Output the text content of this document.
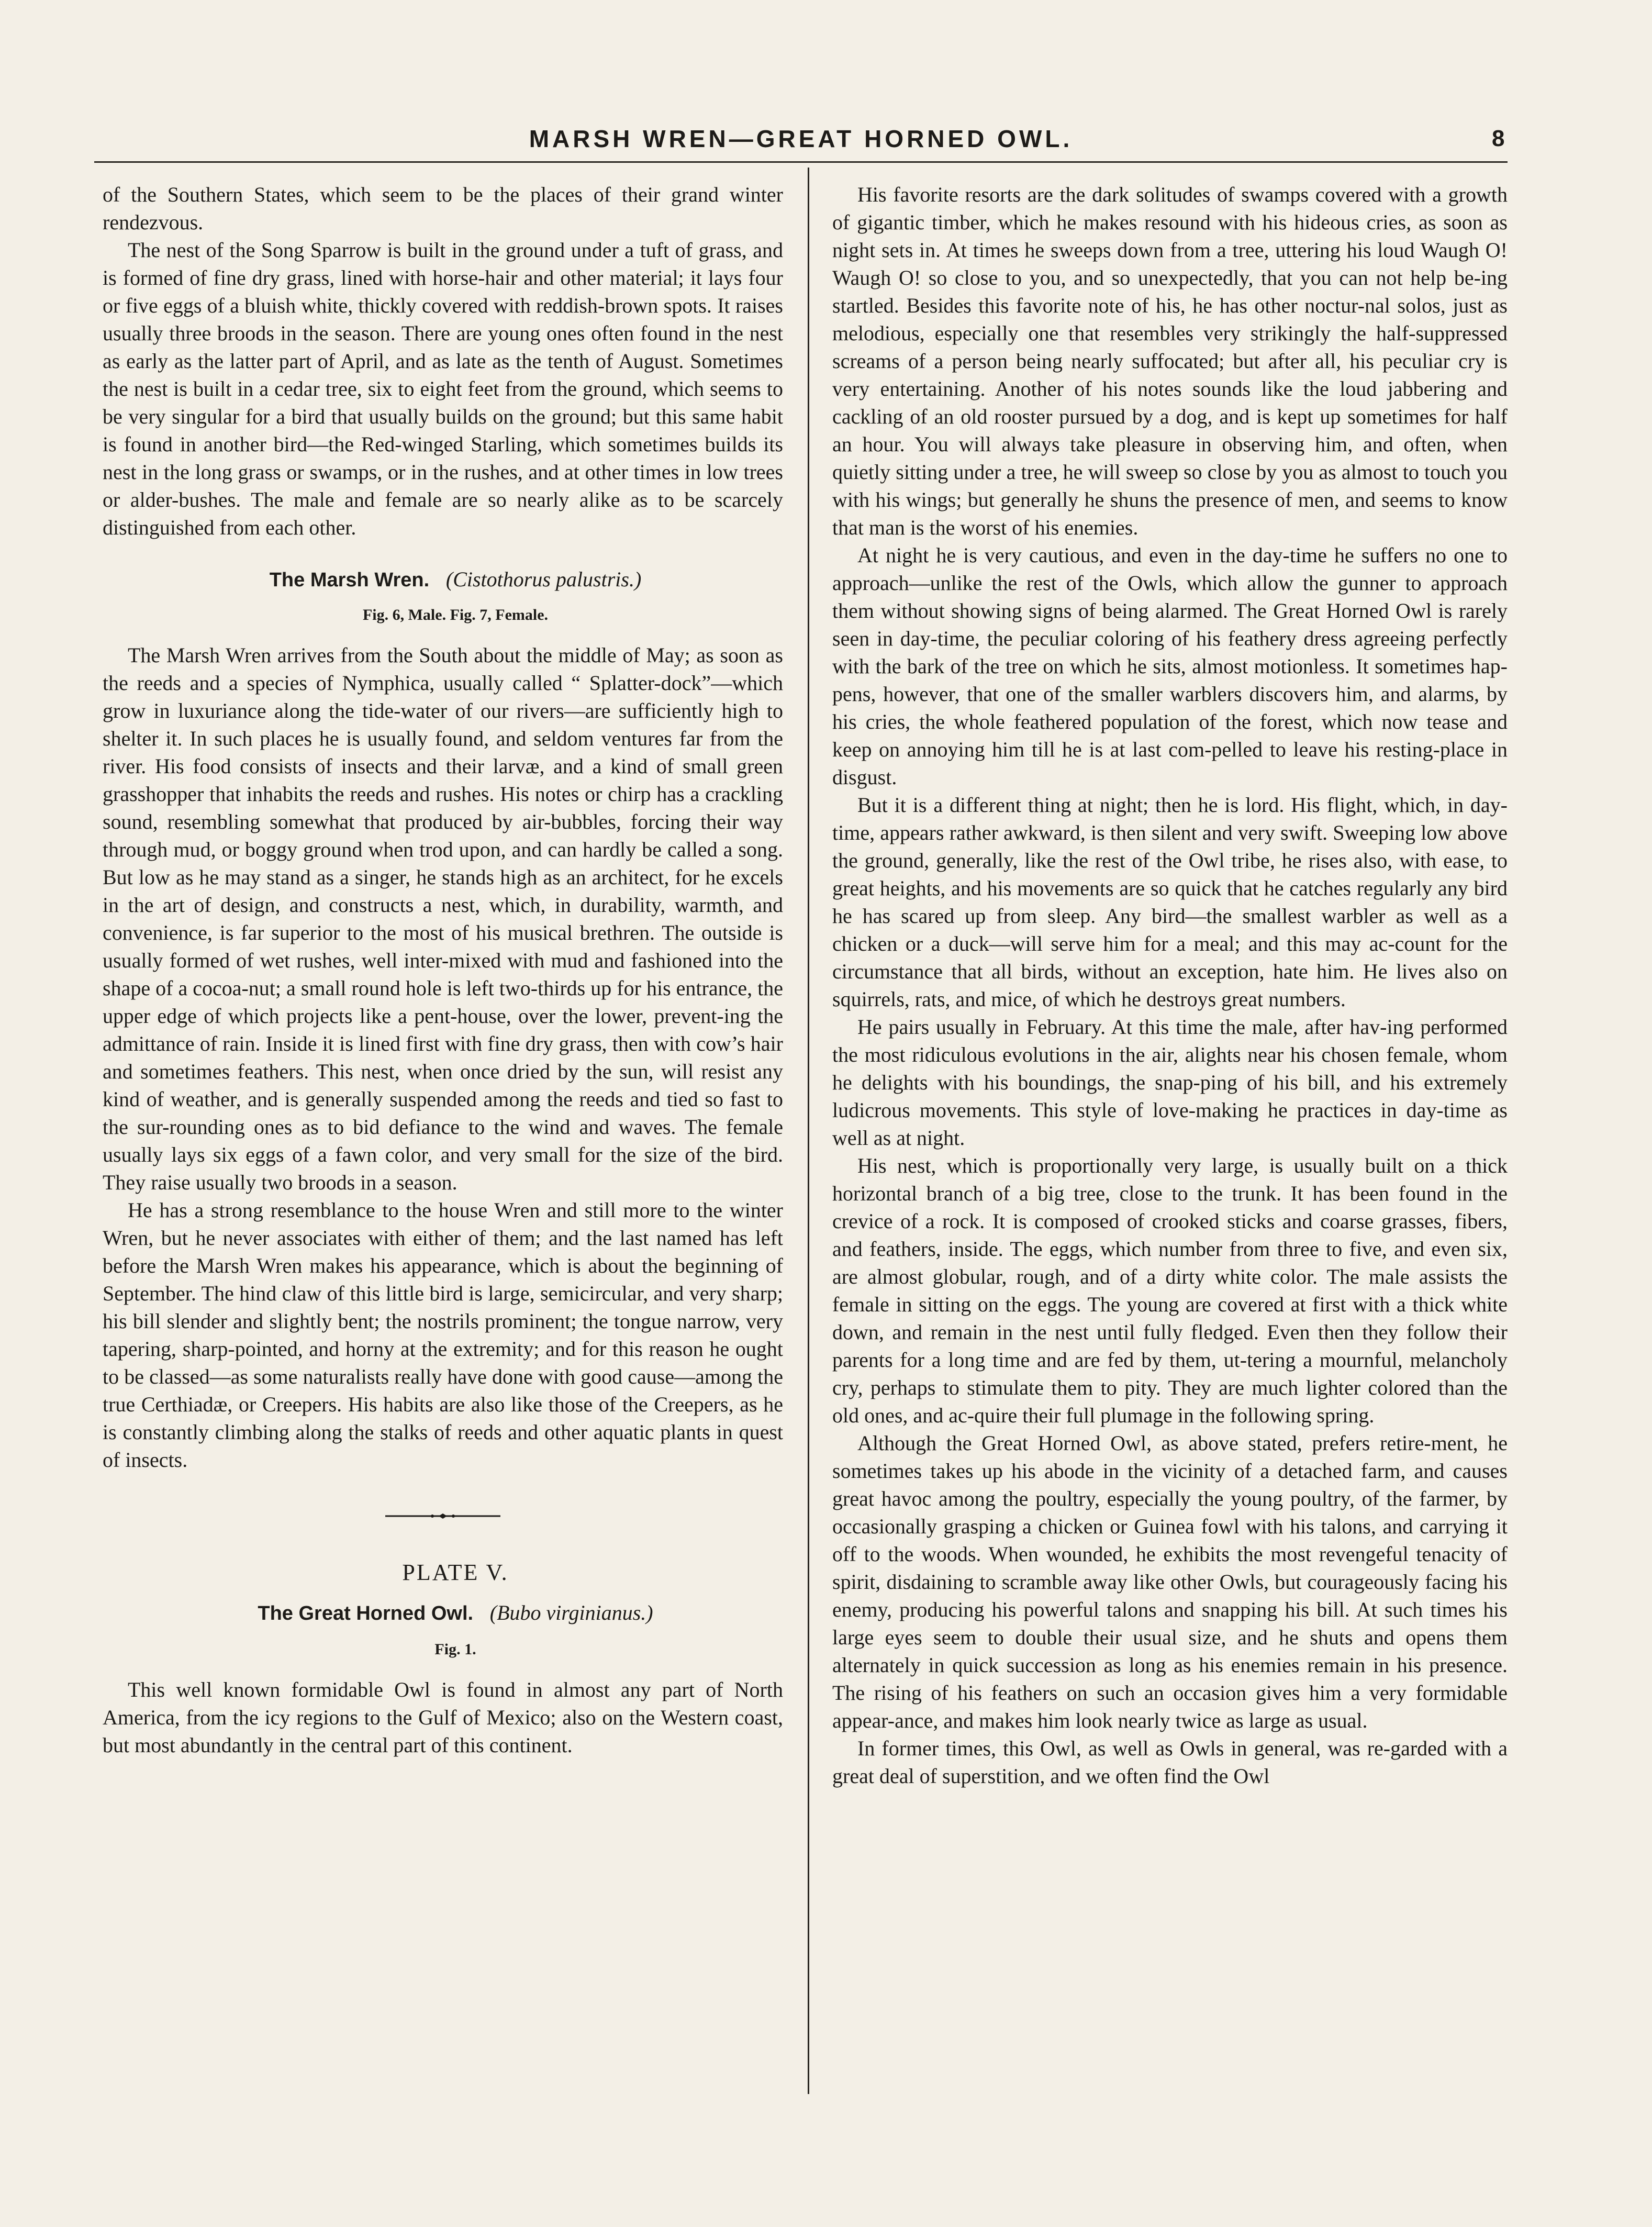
MARSH WREN—GREAT HORNED OWL.	8

of the Southern States, which seem to be the places of their grand winter rendezvous.

The nest of the Song Sparrow is built in the ground under a tuft of grass, and is formed of fine dry grass, lined with horse-hair and other material; it lays four or five eggs of a bluish white, thickly covered with reddish-brown spots. It raises usually three broods in the season. There are young ones often found in the nest as early as the latter part of April, and as late as the tenth of August. Sometimes the nest is built in a cedar tree, six to eight feet from the ground, which seems to be very singular for a bird that usually builds on the ground; but this same habit is found in another bird—the Red-winged Starling, which sometimes builds its nest in the long grass or swamps, or in the rushes, and at other times in low trees or alder-bushes. The male and female are so nearly alike as to be scarcely distinguished from each other.

The Marsh Wren. (Cistothorus palustris.)

Fig. 6, Male. Fig. 7, Female.

The Marsh Wren arrives from the South about the middle of May; as soon as the reeds and a species of Nymphica, usually called “ Splatter-dock”—which grow in luxuriance along the tide-water of our rivers—are sufficiently high to shelter it. In such places he is usually found, and seldom ventures far from the river. His food consists of insects and their larvæ, and a kind of small green grasshopper that inhabits the reeds and rushes. His notes or chirp has a crackling sound, resembling somewhat that produced by air-bubbles, forcing their way through mud, or boggy ground when trod upon, and can hardly be called a song. But low as he may stand as a singer, he stands high as an architect, for he excels in the art of design, and constructs a nest, which, in durability, warmth, and convenience, is far superior to the most of his musical brethren. The outside is usually formed of wet rushes, well inter-mixed with mud and fashioned into the shape of a cocoa-nut; a small round hole is left two-thirds up for his entrance, the upper edge of which projects like a pent-house, over the lower, prevent-ing the admittance of rain. Inside it is lined first with fine dry grass, then with cow’s hair and sometimes feathers. This nest, when once dried by the sun, will resist any kind of weather, and is generally suspended among the reeds and tied so fast to the sur-rounding ones as to bid defiance to the wind and waves. The female usually lays six eggs of a fawn color, and very small for the size of the bird. They raise usually two broods in a season.

He has a strong resemblance to the house Wren and still more to the winter Wren, but he never associates with either of them; and the last named has left before the Marsh Wren makes his appearance, which is about the beginning of September. The hind claw of this little bird is large, semicircular, and very sharp; his bill slender and slightly bent; the nostrils prominent; the tongue narrow, very tapering, sharp-pointed, and horny at the extremity; and for this reason he ought to be classed—as some naturalists really have done with good cause—among the true Certhiadæ, or Creepers. His habits are also like those of the Creepers, as he is constantly climbing along the stalks of reeds and other aquatic plants in quest of insects.

PLATE V.

The Great Horned Owl. (Bubo virginianus.)

Fig. 1.

This well known formidable Owl is found in almost any part of North America, from the icy regions to the Gulf of Mexico; also on the Western coast, but most abundantly in the central part of this continent.

His favorite resorts are the dark solitudes of swamps covered with a growth of gigantic timber, which he makes resound with his hideous cries, as soon as night sets in. At times he sweeps down from a tree, uttering his loud Waugh O! Waugh O! so close to you, and so unexpectedly, that you can not help be-ing startled. Besides this favorite note of his, he has other noctur-nal solos, just as melodious, especially one that resembles very strikingly the half-suppressed screams of a person being nearly suffocated; but after all, his peculiar cry is very entertaining. Another of his notes sounds like the loud jabbering and cackling of an old rooster pursued by a dog, and is kept up sometimes for half an hour. You will always take pleasure in observing him, and often, when quietly sitting under a tree, he will sweep so close by you as almost to touch you with his wings; but generally he shuns the presence of men, and seems to know that man is the worst of his enemies.

At night he is very cautious, and even in the day-time he suffers no one to approach—unlike the rest of the Owls, which allow the gunner to approach them without showing signs of being alarmed. The Great Horned Owl is rarely seen in day-time, the peculiar coloring of his feathery dress agreeing perfectly with the bark of the tree on which he sits, almost motionless. It sometimes hap-pens, however, that one of the smaller warblers discovers him, and alarms, by his cries, the whole feathered population of the forest, which now tease and keep on annoying him till he is at last com-pelled to leave his resting-place in disgust.

But it is a different thing at night; then he is lord. His flight, which, in day-time, appears rather awkward, is then silent and very swift. Sweeping low above the ground, generally, like the rest of the Owl tribe, he rises also, with ease, to great heights, and his movements are so quick that he catches regularly any bird he has scared up from sleep. Any bird—the smallest warbler as well as a chicken or a duck—will serve him for a meal; and this may ac-count for the circumstance that all birds, without an exception, hate him. He lives also on squirrels, rats, and mice, of which he destroys great numbers.

He pairs usually in February. At this time the male, after hav-ing performed the most ridiculous evolutions in the air, alights near his chosen female, whom he delights with his boundings, the snap-ping of his bill, and his extremely ludicrous movements. This style of love-making he practices in day-time as well as at night.

His nest, which is proportionally very large, is usually built on a thick horizontal branch of a big tree, close to the trunk. It has been found in the crevice of a rock. It is composed of crooked sticks and coarse grasses, fibers, and feathers, inside. The eggs, which number from three to five, and even six, are almost globular, rough, and of a dirty white color. The male assists the female in sitting on the eggs. The young are covered at first with a thick white down, and remain in the nest until fully fledged. Even then they follow their parents for a long time and are fed by them, ut-tering a mournful, melancholy cry, perhaps to stimulate them to pity. They are much lighter colored than the old ones, and ac-quire their full plumage in the following spring.

Although the Great Horned Owl, as above stated, prefers retire-ment, he sometimes takes up his abode in the vicinity of a detached farm, and causes great havoc among the poultry, especially the young poultry, of the farmer, by occasionally grasping a chicken or Guinea fowl with his talons, and carrying it off to the woods. When wounded, he exhibits the most revengeful tenacity of spirit, disdaining to scramble away like other Owls, but courageously facing his enemy, producing his powerful talons and snapping his bill. At such times his large eyes seem to double their usual size, and he shuts and opens them alternately in quick succession as long as his enemies remain in his presence. The rising of his feathers on such an occasion gives him a very formidable appear-ance, and makes him look nearly twice as large as usual.

In former times, this Owl, as well as Owls in general, was re-garded with a great deal of superstition, and we often find the Owl
